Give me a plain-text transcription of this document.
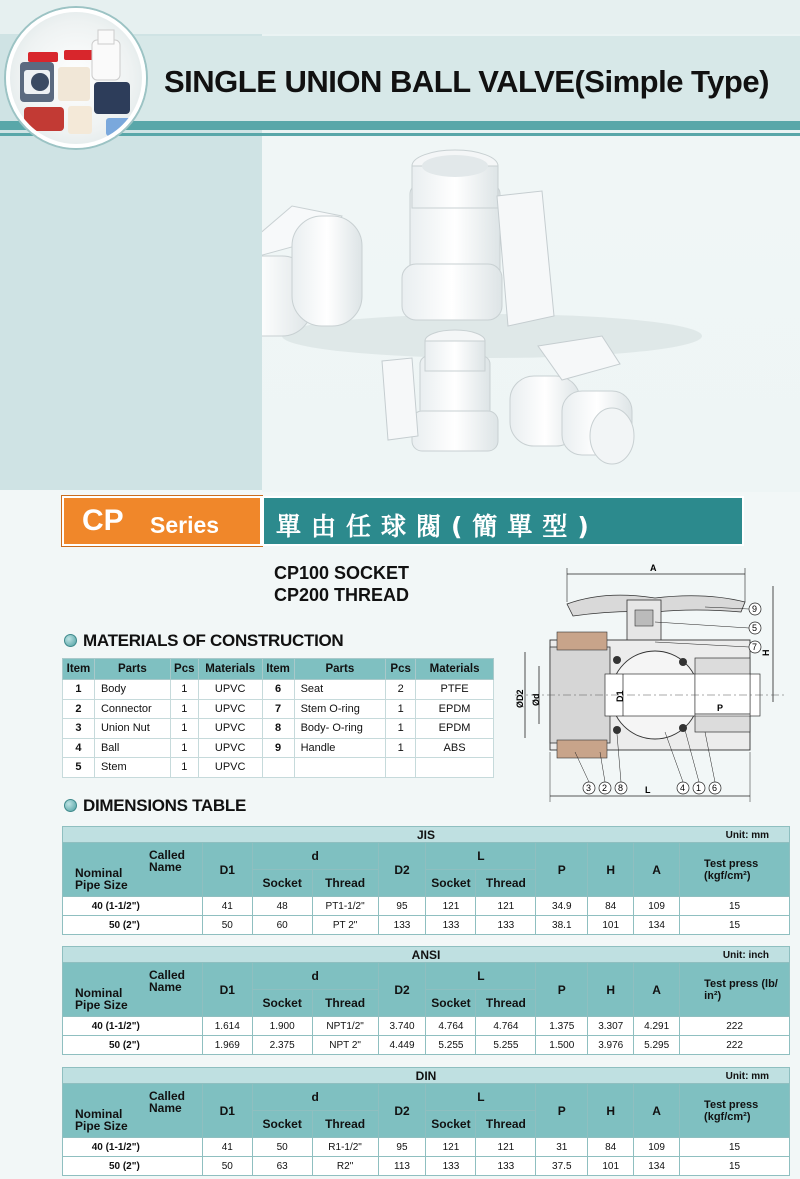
SINGLE UNION BALL VALVE(Simple Type)
CP Series 單由任球閥(簡單型)
CP100 SOCKET
CP200 THREAD
MATERIALS OF CONSTRUCTION
Item	Parts	Pcs	Materials	Item	Parts	Pcs	Materials
1	Body	1	UPVC	6	Seat	2	PTFE
2	Connector	1	UPVC	7	Stem O-ring	1	EPDM
3	Union Nut	1	UPVC	8	Body- O-ring	1	EPDM
4	Ball	1	UPVC	9	Handle	1	ABS
5	Stem	1	UPVC				
A
H
ØD2 Ød	D1
P
L
9
5
7
3 2 8	4 1 6
DIMENSIONS TABLE
JIS Unit: mm										

Called Name
Nominal Pipe Size	D1	d		D2	L		P	H	A	Test press (kgf/cm²)
		Socket	Thread		Socket	Thread				
40 (1-1/2")	41	48	PT1-1/2"	95	121	121	34.9	84	109	15
50 (2")	50	60	PT 2"	133	133	133	38.1	101	134	15
ANSI Unit: inch										

Called Name
Nominal Pipe Size	D1	d		D2	L		P	H	A	Test press (lb/ in²)
		Socket	Thread		Socket	Thread				
40 (1-1/2")	1.614	1.900	NPT1/2"	3.740	4.764	4.764	1.375	3.307	4.291	222
50 (2")	1.969	2.375	NPT 2"	4.449	5.255	5.255	1.500	3.976	5.295	222
DIN Unit: mm										

Called Name
Nominal Pipe Size	D1	d		D2	L		P	H	A	Test press (kgf/cm²)
		Socket	Thread		Socket	Thread				
40 (1-1/2")	41	50	R1-1/2"	95	121	121	31	84	109	15
50 (2")	50	63	R2"	113	133	133	37.5	101	134	15
